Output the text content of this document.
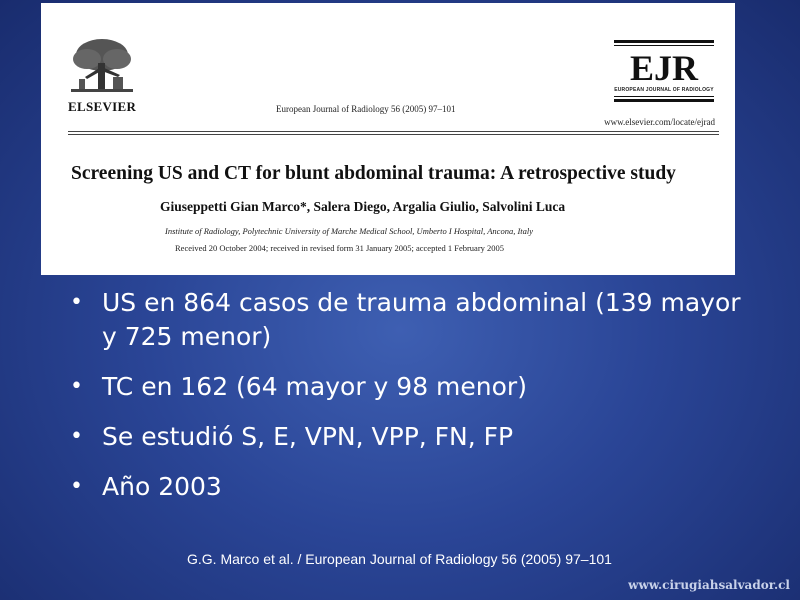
ELSEVIER	European Journal of Radiology 56 (2005) 97–101
EJR
EUROPEAN JOURNAL OF RADIOLOGY
www.elsevier.com/locate/ejrad
Screening US and CT for blunt abdominal trauma: A retrospective study
Giuseppetti Gian Marco*, Salera Diego, Argalia Giulio, Salvolini Luca
Institute of Radiology, Polytechnic University of Marche Medical School, Umberto I Hospital, Ancona, Italy
Received 20 October 2004; received in revised form 31 January 2005; accepted 1 February 2005
• US en 864 casos de trauma abdominal (139 mayor y 725 menor)
• TC en 162 (64 mayor y 98 menor)
• Se estudió S, E, VPN, VPP, FN, FP
• Año 2003
G.G. Marco et al. / European Journal of Radiology 56 (2005) 97–101
www.cirugiahsalvador.cl
